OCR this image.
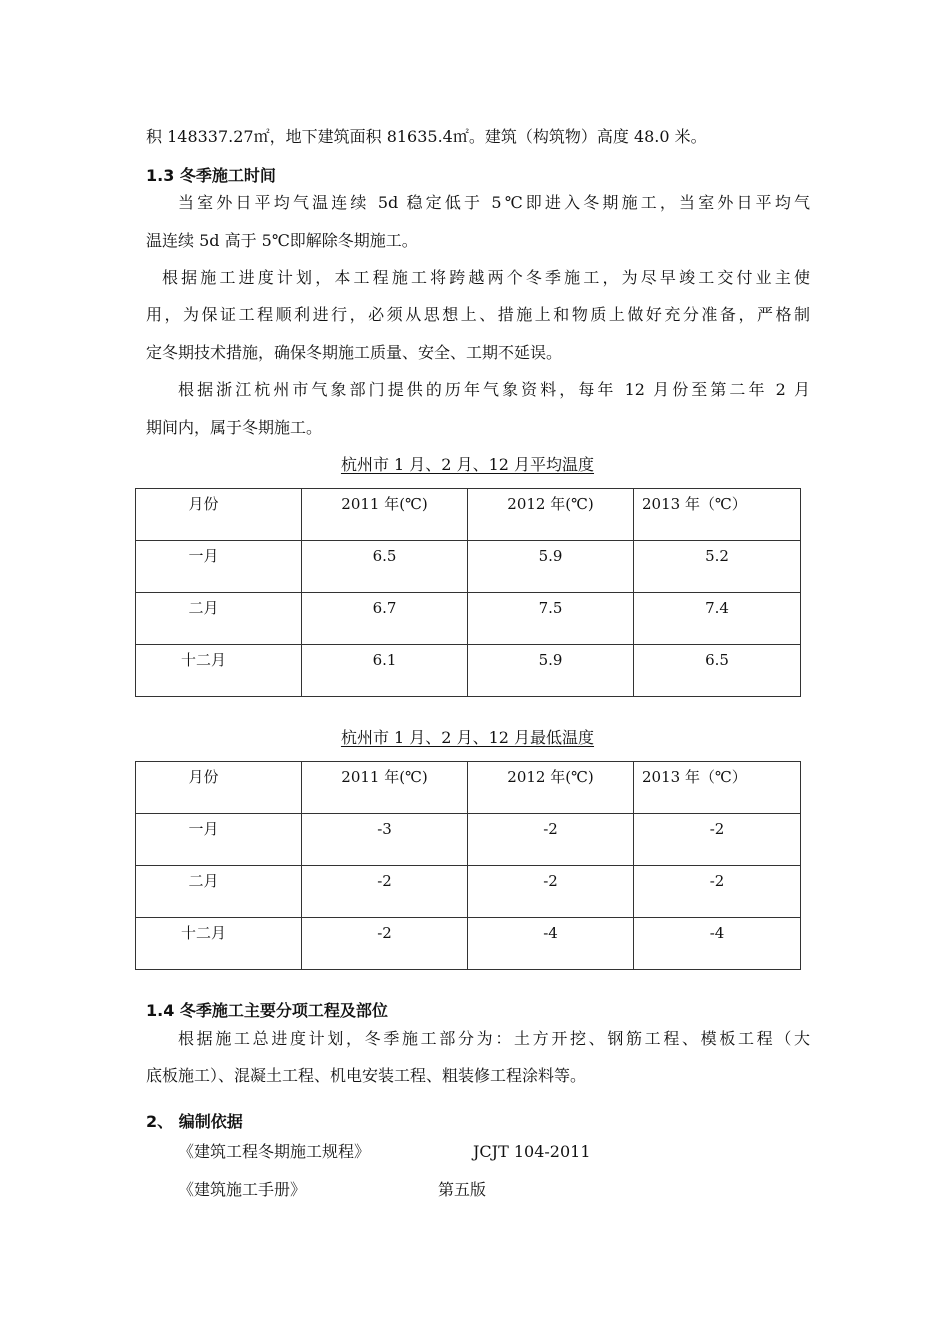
积 148337.27㎡，地下建筑面积 81635.4㎡。建筑（构筑物）高度 48.0 米。
1.3 冬季施工时间
当室外日平均气温连续 5d 稳定低于 5℃即进入冬期施工，当室外日平均气
温连续 5d 高于 5℃即解除冬期施工。
根据施工进度计划，本工程施工将跨越两个冬季施工，为尽早竣工交付业主使
用，为保证工程顺利进行，必须从思想上、措施上和物质上做好充分准备，严格制
定冬期技术措施，确保冬期施工质量、安全、工期不延误。
根据浙江杭州市气象部门提供的历年气象资料，每年 12 月份至第二年 2 月
期间内，属于冬期施工。
杭州市 1 月、2 月、12 月平均温度
月份	2011 年(℃)	2012 年(℃)	2013 年（℃）
一月	6.5	5.9	5.2
二月	6.7	7.5	7.4
十二月	6.1	5.9	6.5
杭州市 1 月、2 月、12 月最低温度
月份	2011 年(℃)	2012 年(℃)	2013 年（℃）
一月	-3	-2	-2
二月	-2	-2	-2
十二月	-2	-4	-4
1.4 冬季施工主要分项工程及部位
根据施工总进度计划，冬季施工部分为：土方开挖、钢筋工程、模板工程（大
底板施工）、混凝土工程、机电安装工程、粗装修工程涂料等。
2、 编制依据
《建筑工程冬期施工规程》	JCJT 104-2011
《建筑施工手册》	第五版
